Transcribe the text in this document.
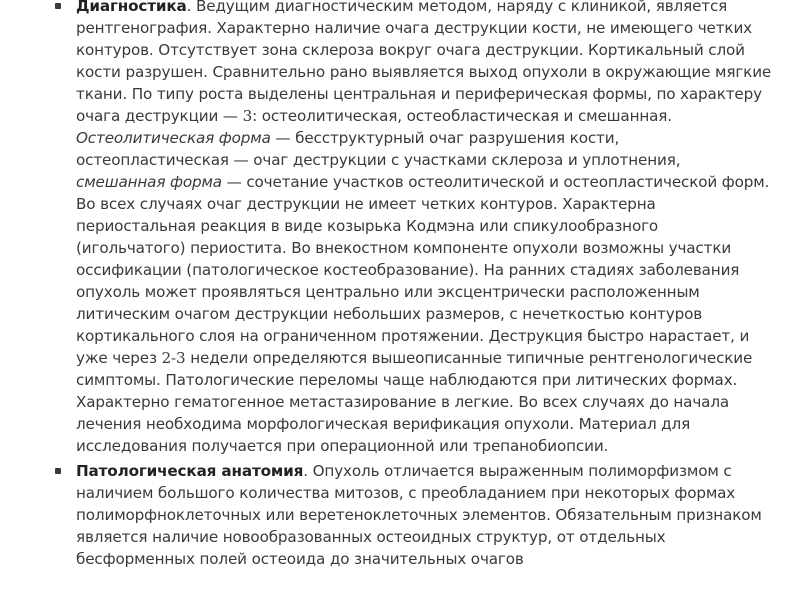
Диагностика. Ведущим диагностическим методом, наряду с клиникой, является рентгенография. Характерно наличие очага деструкции кости, не имеющего четких контуров. Отсутствует зона склероза вокруг очага деструкции. Кортикальный слой кости разрушен. Сравнительно рано выявляется выход опухоли в окружающие мягкие ткани. По типу роста выделены центральная и периферическая формы, по характеру очага деструкции — 3: остеолитическая, остеобластическая и смешанная. Остеолитическая форма — бесструктурный очаг разрушения кости, остеопластическая — очаг деструкции с участками склероза и уплотнения, смешанная форма — сочетание участков остеолитической и остеопластической форм. Во всех случаях очаг деструкции не имеет четких контуров. Характерна периостальная реакция в виде козырька Кодмэна или спикулообразного (игольчатого) периостита. Во внекостном компоненте опухоли возможны участки оссификации (патологическое костеобразование). На ранних стадиях заболевания опухоль может проявляться центрально или эксцентрически расположенным литическим очагом деструкции небольших размеров, с нечеткостью контуров кортикального слоя на ограниченном протяжении. Деструкция быстро нарастает, и уже через 2-3 недели определяются вышеописанные типичные рентгенологические симптомы. Патологические переломы чаще наблюдаются при литических формах. Характерно гематогенное метастазирование в легкие. Во всех случаях до начала лечения необходима морфологическая верификация опухоли. Материал для исследования получается при операционной или трепанобиопсии.
Патологическая анатомия. Опухоль отличается выраженным полиморфизмом с наличием большого количества митозов, с преобладанием при некоторых формах полиморфноклеточных или веретеноклеточных элементов. Обязательным признаком является наличие новообразованных остеоидных структур, от отдельных бесформенных полей остеоида до значительных очагов
